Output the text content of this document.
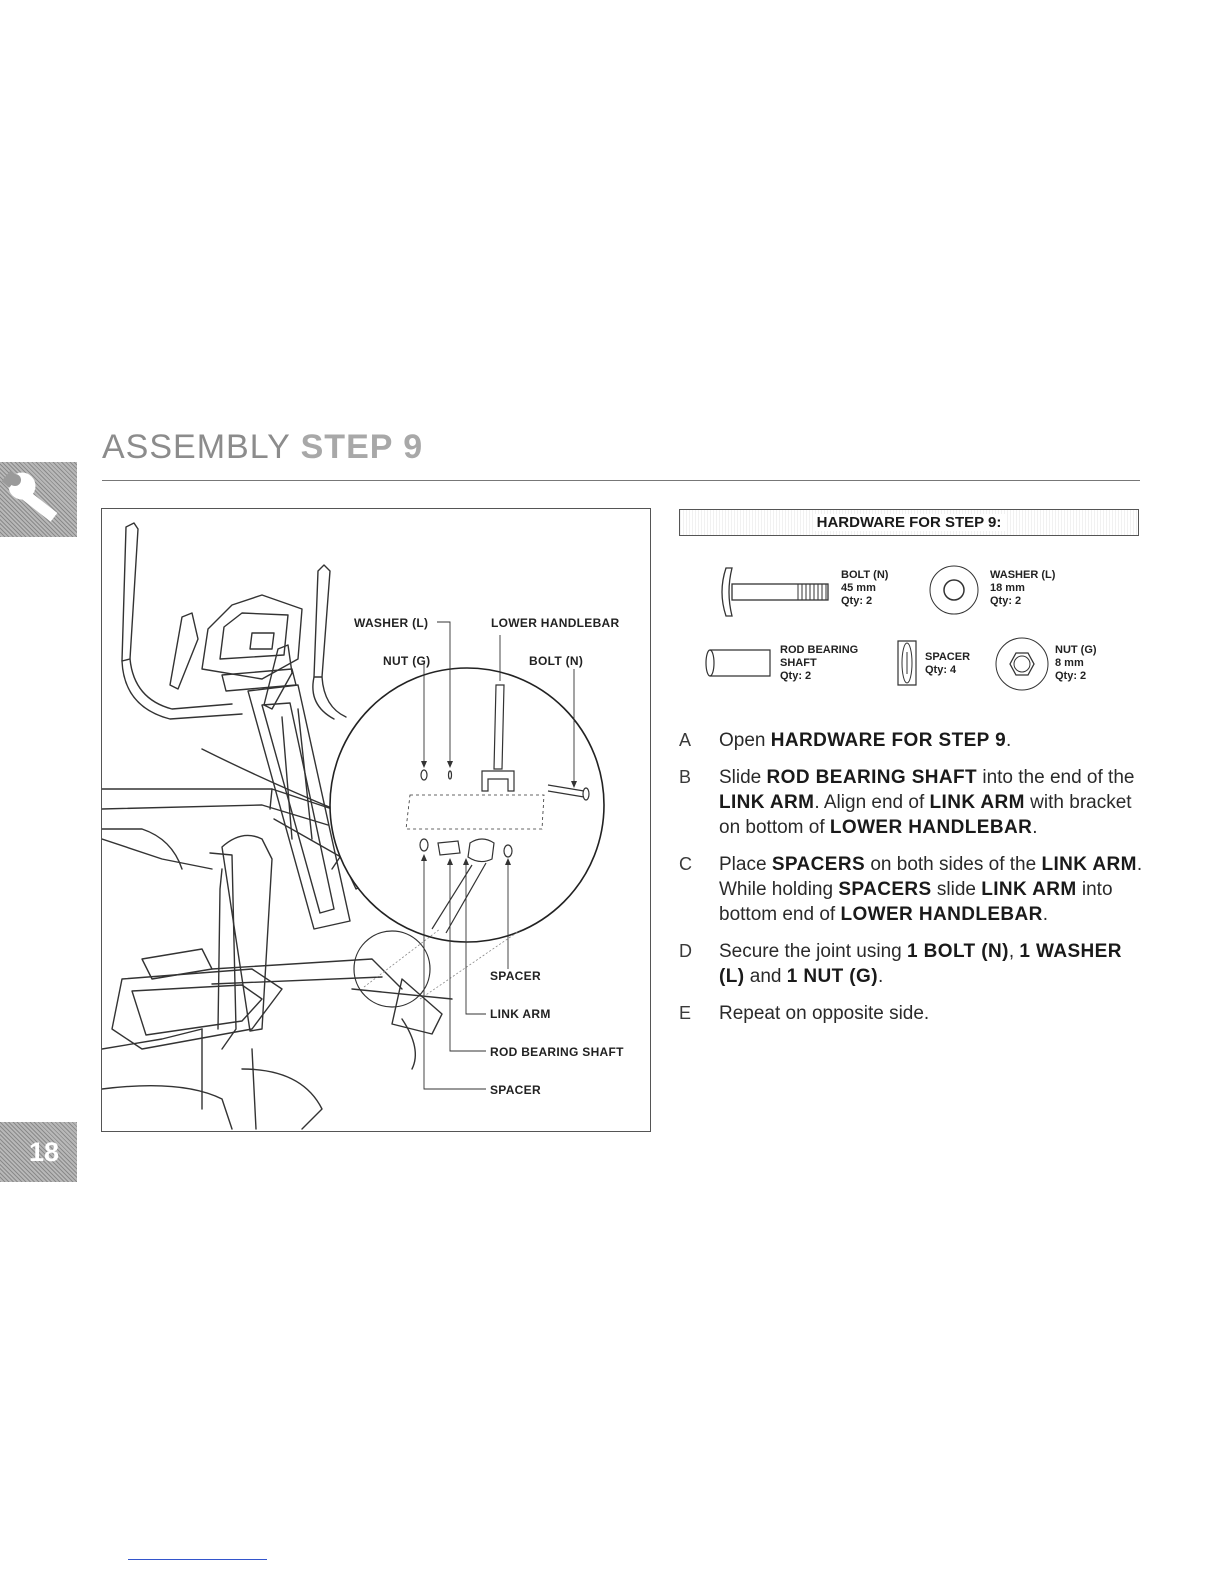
ASSEMBLY STEP 9
WASHER (L)	LOWER HANDLEBAR
NUT (G)	BOLT (N)
SPACER
LINK ARM
ROD BEARING SHAFT
SPACER
HARDWARE FOR STEP 9:
BOLT (N)
45 mm
Qty: 2
WASHER (L)
18 mm
Qty: 2
ROD BEARING
SHAFT
Qty: 2
SPACER
Qty: 4
NUT (G)
8 mm
Qty: 2
A	Open HARDWARE FOR STEP 9.
B	Slide ROD BEARING SHAFT into the end of the LINK ARM. Align end of LINK ARM with bracket on bottom of LOWER HANDLEBAR.
C	Place SPACERS on both sides of the LINK ARM. While holding SPACERS slide LINK ARM into bottom end of LOWER HANDLEBAR.
D	Secure the joint using 1 BOLT (N), 1 WASHER (L) and 1 NUT (G).
E	Repeat on opposite side.
18
